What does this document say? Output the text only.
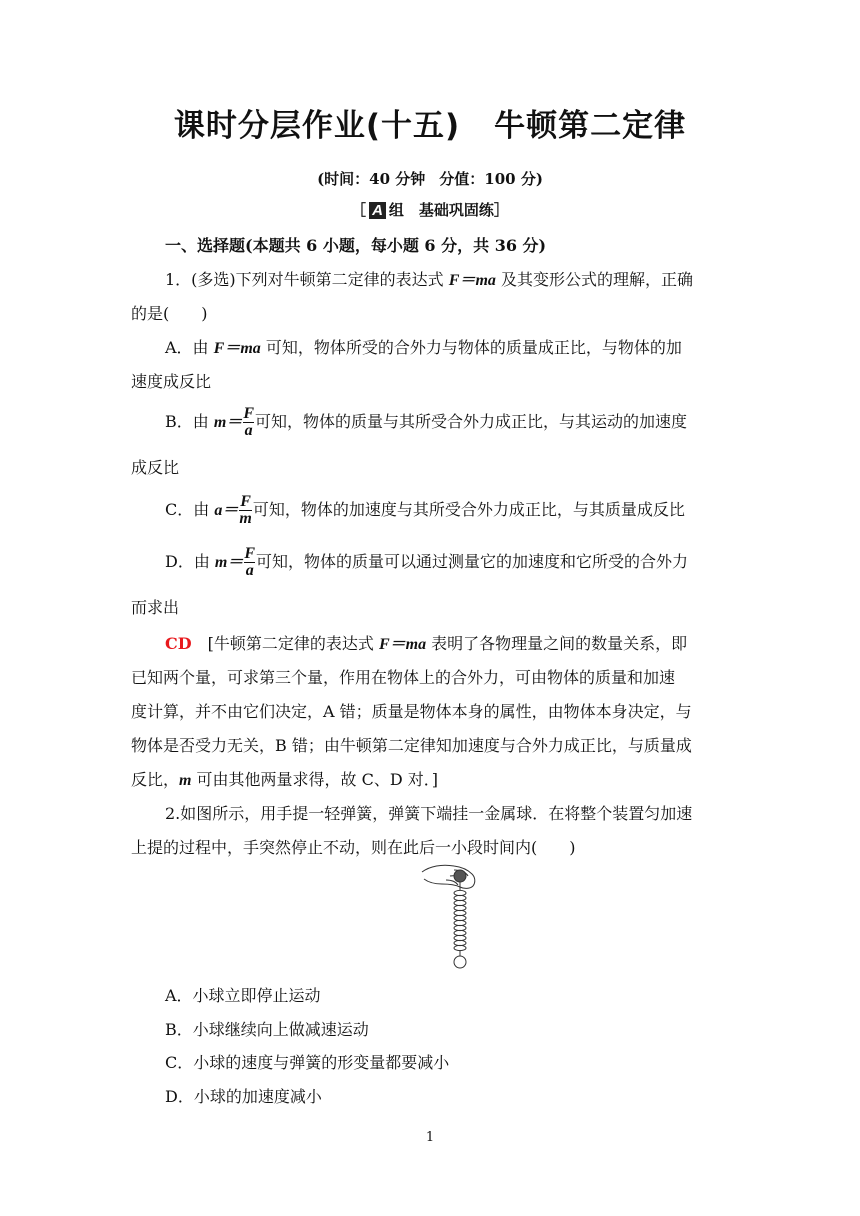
课时分层作业(十五) 牛顿第二定律
(时间：40 分钟 分值：100 分)
［ A 组　基础巩固练］
一、选择题(本题共 6 小题，每小题 6 分，共 36 分)
1．(多选)下列对牛顿第二定律的表达式 F＝ma 及其变形公式的理解，正确
的是(　　)
A．由 F＝ma 可知，物体所受的合外力与物体的质量成正比，与物体的加
速度成反比
B．由 $m= \frac{F}{a}$ 可知，物体的质量与其所受合外力成正比，与其运动的加速度
成反比
C．由 $a= \frac{F}{m}$ 可知，物体的加速度与其所受合外力成正比，与其质量成反比
D．由 $m= \frac{F}{a}$ 可知，物体的质量可以通过测量它的加速度和它所受的合外力
而求出
CD　[牛顿第二定律的表达式 F＝ma 表明了各物理量之间的数量关系，即
已知两个量，可求第三个量，作用在物体上的合外力，可由物体的质量和加速
度计算，并不由它们决定，A 错；质量是物体本身的属性，由物体本身决定，与
物体是否受力无关，B 错；由牛顿第二定律知加速度与合外力成正比，与质量成
反比，m 可由其他两量求得，故 C、D 对．]
2.如图所示，用手提一轻弹簧，弹簧下端挂一金属球．在将整个装置匀加速
上提的过程中，手突然停止不动，则在此后一小段时间内(　　)
A．小球立即停止运动
B．小球继续向上做减速运动
C．小球的速度与弹簧的形变量都要减小
D．小球的加速度减小
1
